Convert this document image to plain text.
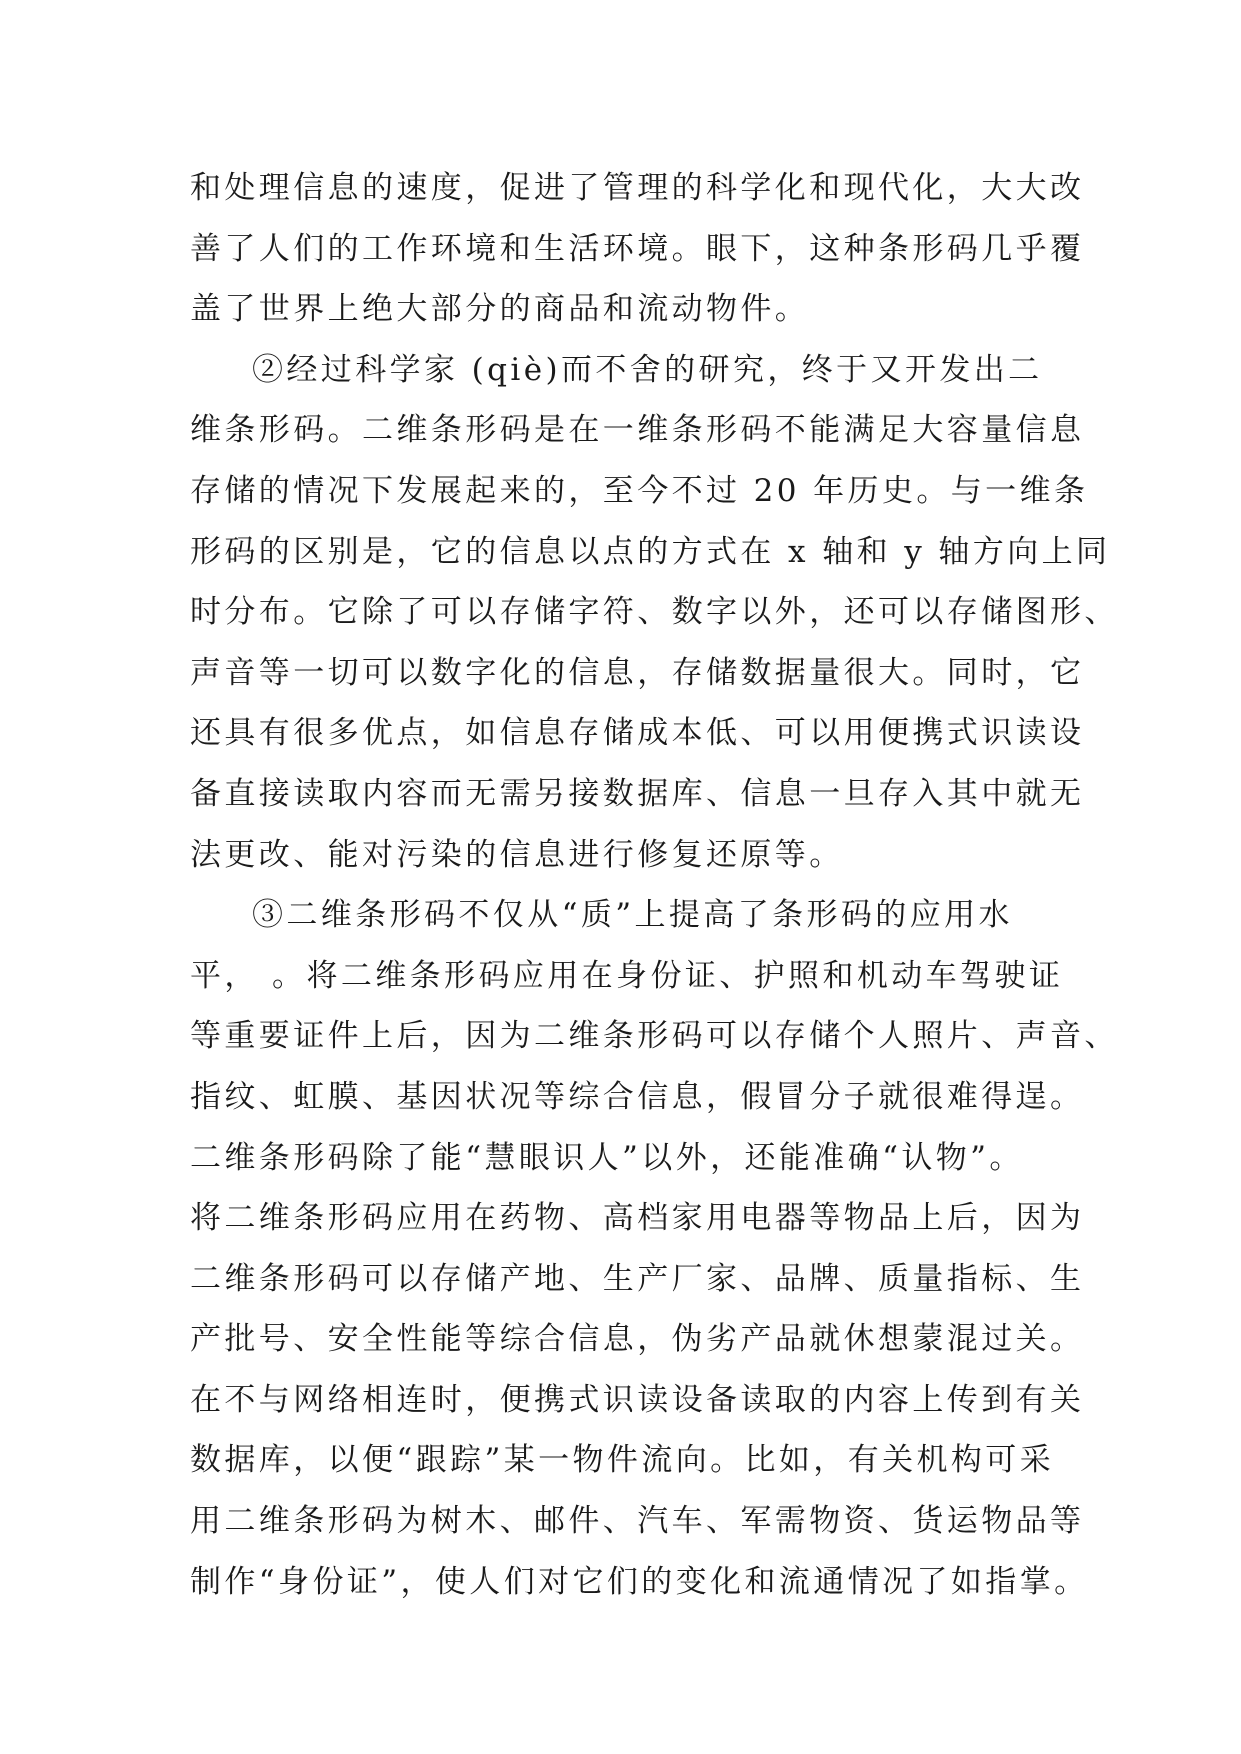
和处理信息的速度，促进了管理的科学化和现代化，大大改
善了人们的工作环境和生活环境。眼下，这种条形码几乎覆
盖了世界上绝大部分的商品和流动物件。
②经过科学家 (qiè)而不舍的研究，终于又开发出二
维条形码。二维条形码是在一维条形码不能满足大容量信息
存储的情况下发展起来的，至今不过 20 年历史。与一维条
形码的区别是，它的信息以点的方式在 x 轴和 y 轴方向上同
时分布。它除了可以存储字符、数字以外，还可以存储图形、
声音等一切可以数字化的信息，存储数据量很大。同时，它
还具有很多优点，如信息存储成本低、可以用便携式识读设
备直接读取内容而无需另接数据库、信息一旦存入其中就无
法更改、能对污染的信息进行修复还原等。
③二维条形码不仅从“质”上提高了条形码的应用水
平， 。将二维条形码应用在身份证、护照和机动车驾驶证
等重要证件上后，因为二维条形码可以存储个人照片、声音、
指纹、虹膜、基因状况等综合信息，假冒分子就很难得逞。
二维条形码除了能“慧眼识人”以外，还能准确“认物”。
将二维条形码应用在药物、高档家用电器等物品上后，因为
二维条形码可以存储产地、生产厂家、品牌、质量指标、生
产批号、安全性能等综合信息，伪劣产品就休想蒙混过关。
在不与网络相连时，便携式识读设备读取的内容上传到有关
数据库，以便“跟踪”某一物件流向。比如，有关机构可采
用二维条形码为树木、邮件、汽车、军需物资、货运物品等
制作“身份证”，使人们对它们的变化和流通情况了如指掌。
